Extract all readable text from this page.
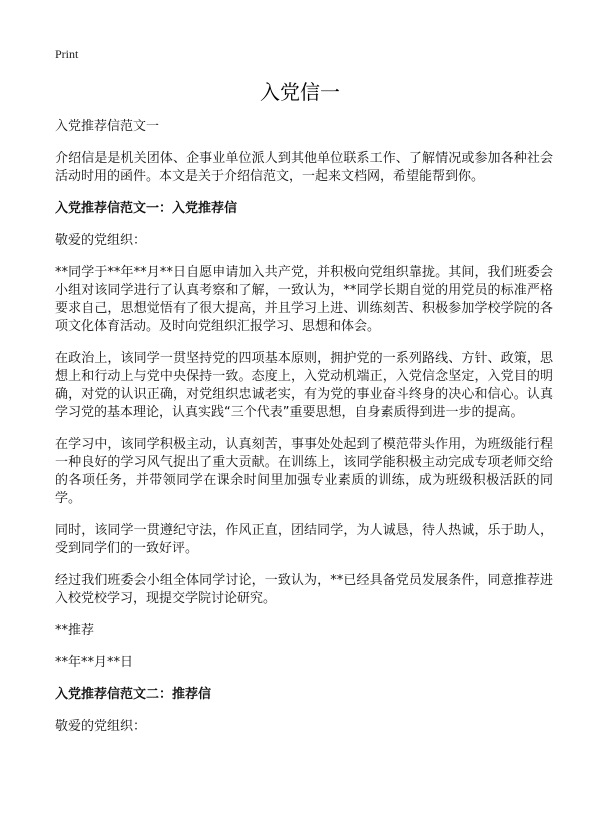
Print
入党信一

入党推荐信范文一

介绍信是是机关团体、企事业单位派人到其他单位联系工作、了解情况或参加各种社会活动时用的函件。本文是关于介绍信范文，一起来文档网，希望能帮到你。

入党推荐信范文一：入党推荐信

敬爱的党组织：

**同学于**年**月**日自愿申请加入共产党，并积极向党组织靠拢。其间，我们班委会小组对该同学进行了认真考察和了解，一致认为，**同学长期自觉的用党员的标准严格要求自己，思想觉悟有了很大提高，并且学习上进、训练刻苦、积极参加学校学院的各项文化体育活动。及时向党组织汇报学习、思想和体会。

在政治上，该同学一贯坚持党的四项基本原则，拥护党的一系列路线、方针、政策，思想上和行动上与党中央保持一致。态度上，入党动机端正，入党信念坚定，入党目的明确，对党的认识正确，对党组织忠诚老实，有为党的事业奋斗终身的决心和信心。认真学习党的基本理论，认真实践“三个代表”重要思想，自身素质得到进一步的提高。

在学习中，该同学积极主动，认真刻苦，事事处处起到了模范带头作用，为班级能行程一种良好的学习风气捉出了重大贡献。在训练上，该同学能积极主动完成专项老师交给的各项任务，并带领同学在课余时间里加强专业素质的训练，成为班级积极活跃的同学。

同时，该同学一贯遵纪守法，作风正直，团结同学，为人诚恳，待人热诚，乐于助人，受到同学们的一致好评。

经过我们班委会小组全体同学讨论，一致认为，**已经具备党员发展条件，同意推荐进入校党校学习，现提交学院讨论研究。

**推荐

**年**月**日

入党推荐信范文二：推荐信

敬爱的党组织：
